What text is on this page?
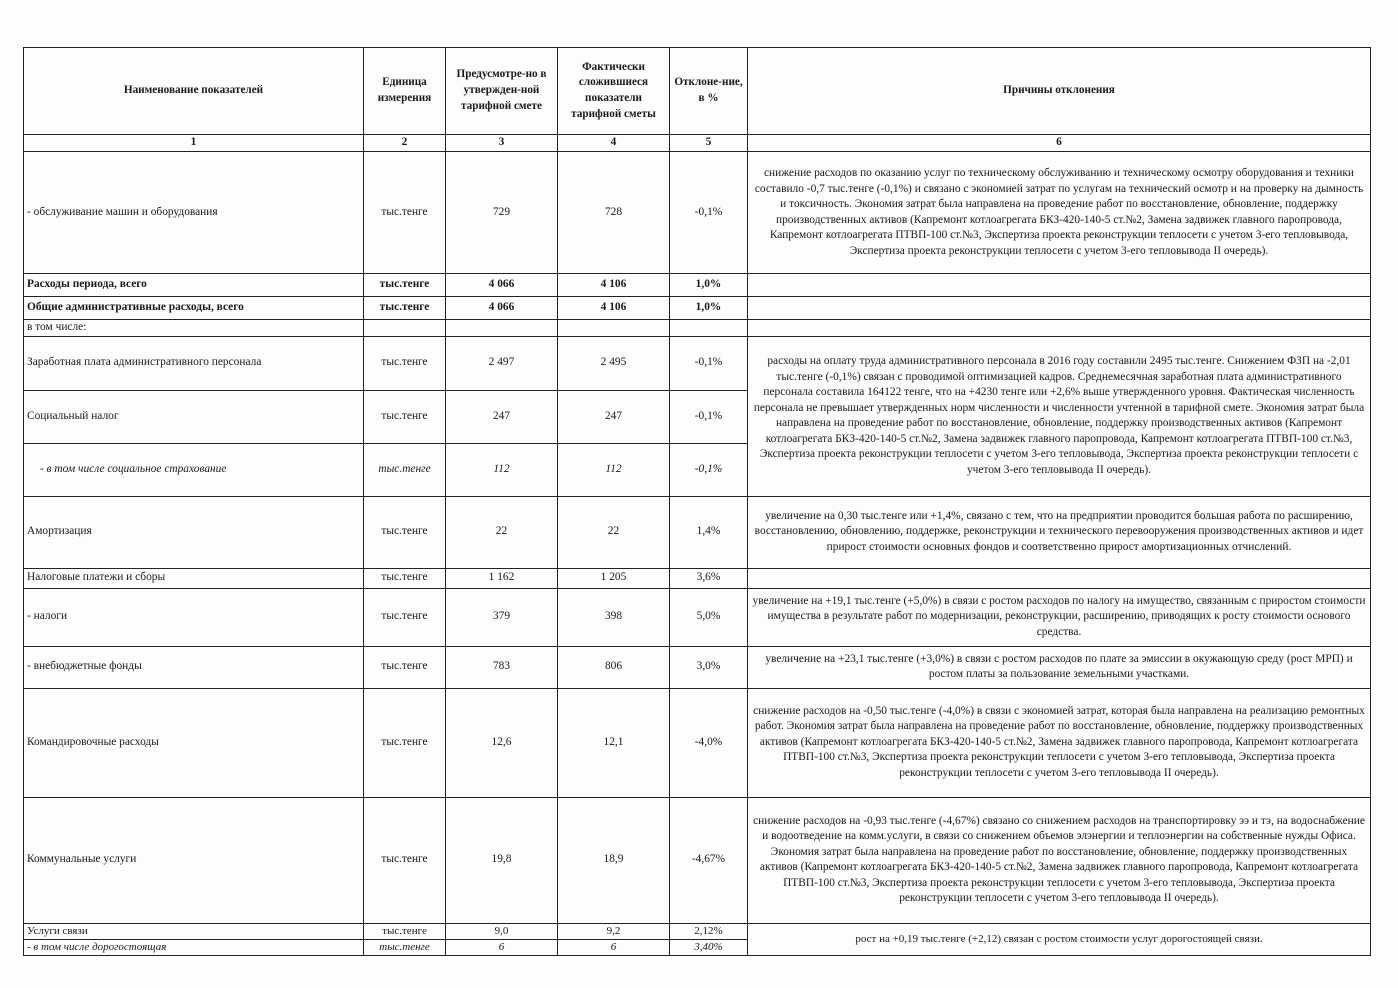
Наименование показателей	Единица измерения	Предусмотре-но в утвержден-ной тарифной смете	Фактически сложившиеся показатели тарифной сметы	Отклоне-ние, в %	Причины отклонения
1	2	3	4	5	6
- обслуживание машин и оборудования	тыс.тенге	729	728	-0,1%	снижение расходов по оказанию услуг по техническому обслуживанию и техническому осмотру оборудования и техники составило -0,7 тыс.тенге (-0,1%) и связано с экономией затрат по услугам на технический осмотр и на проверку на дымность и токсичность. Экономия затрат была направлена на проведение работ по восстановление, обновление, поддержку производственных активов (Капремонт котлоагрегата БКЗ-420-140-5 ст.№2, Замена задвижек главного паропровода, Капремонт котлоагрегата ПТВП-100 ст.№3, Экспертиза проекта реконструкции теплосети с учетом 3-его тепловывода, Экспертиза проекта реконструкции теплосети с учетом 3-его тепловывода II очередь).
Расходы периода, всего	тыс.тенге	4 066	4 106	1,0%	
Общие административные расходы, всего	тыс.тенге	4 066	4 106	1,0%	
в том числе:					
Заработная плата административного персонала	тыс.тенге	2 497	2 495	-0,1%	расходы на оплату труда административного персонала в 2016 году составили 2495 тыс.тенге. Снижением ФЗП на -2,01 тыс.тенге (-0,1%) связан с проводимой оптимизацией кадров. Среднемесячная заработная плата административного персонала составила 164122 тенге, что на +4230 тенге или +2,6% выше утвержденного уровня. Фактическая численность персонала не превышает утвержденных норм численности и численности учтенной в тарифной смете. Экономия затрат была направлена на проведение работ по восстановление, обновление, поддержку производственных активов (Капремонт котлоагрегата БКЗ-420-140-5 ст.№2, Замена задвижек главного паропровода, Капремонт котлоагрегата ПТВП-100 ст.№3, Экспертиза проекта реконструкции теплосети с учетом 3-его тепловывода, Экспертиза проекта реконструкции теплосети с учетом 3-его тепловывода II очередь).
Социальный налог	тыс.тенге	247	247	-0,1%	
- в том числе социальное страхование	тыс.тенге	112	112	-0,1%	
Амортизация	тыс.тенге	22	22	1,4%	увеличение на 0,30 тыс.тенге или +1,4%, связано с тем, что на предприятии проводится большая работа по расширению, восстановлению, обновлению, поддержке, реконструкции и технического перевооружения производственных активов и идет прирост стоимости основных фондов и соответственно прирост амортизационных отчислений.
Налоговые платежи и сборы	тыс.тенге	1 162	1 205	3,6%	
- налоги	тыс.тенге	379	398	5,0%	увеличение на +19,1 тыс.тенге (+5,0%) в связи с ростом расходов по налогу на имущество, связанным с приростом стоимости имущества в результате работ по модернизации, реконструкции, расширению, приводящих к росту стоимости основого средства.
- внебюджетные фонды	тыс.тенге	783	806	3,0%	увеличение на +23,1 тыс.тенге (+3,0%) в связи с ростом расходов по плате за эмиссии в окужающую среду (рост МРП) и ростом платы за пользование земельными участками.
Командировочные расходы	тыс.тенге	12,6	12,1	-4,0%	снижение расходов на -0,50 тыс.тенге (-4,0%) в связи с экономией затрат, которая была направлена на реализацию ремонтных работ. Экономия затрат была направлена на проведение работ по восстановление, обновление, поддержку производственных активов (Капремонт котлоагрегата БКЗ-420-140-5 ст.№2, Замена задвижек главного паропровода, Капремонт котлоагрегата ПТВП-100 ст.№3, Экспертиза проекта реконструкции теплосети с учетом 3-его тепловывода, Экспертиза проекта реконструкции теплосети с учетом 3-его тепловывода II очередь).
Коммунальные услуги	тыс.тенге	19,8	18,9	-4,67%	снижение расходов на -0,93 тыс.тенге (-4,67%) связано со снижением расходов на транспортировку ээ и тэ, на водоснабжение и водоотведение на комм.услуги, в связи со снижением объемов элэнергии и теплоэнергии на собственные нужды Офиса. Экономия затрат была направлена на проведение работ по восстановление, обновление, поддержку производственных активов (Капремонт котлоагрегата БКЗ-420-140-5 ст.№2, Замена задвижек главного паропровода, Капремонт котлоагрегата ПТВП-100 ст.№3, Экспертиза проекта реконструкции теплосети с учетом 3-его тепловывода, Экспертиза проекта реконструкции теплосети с учетом 3-его тепловывода II очередь).
Услуги связи	тыс.тенге	9,0	9,2	2,12%	рост на +0,19 тыс.тенге (+2,12) связан с ростом стоимости услуг дорогостоящей связи.
- в том числе дорогостоящая	тыс.тенге	6	6	3,40%	
